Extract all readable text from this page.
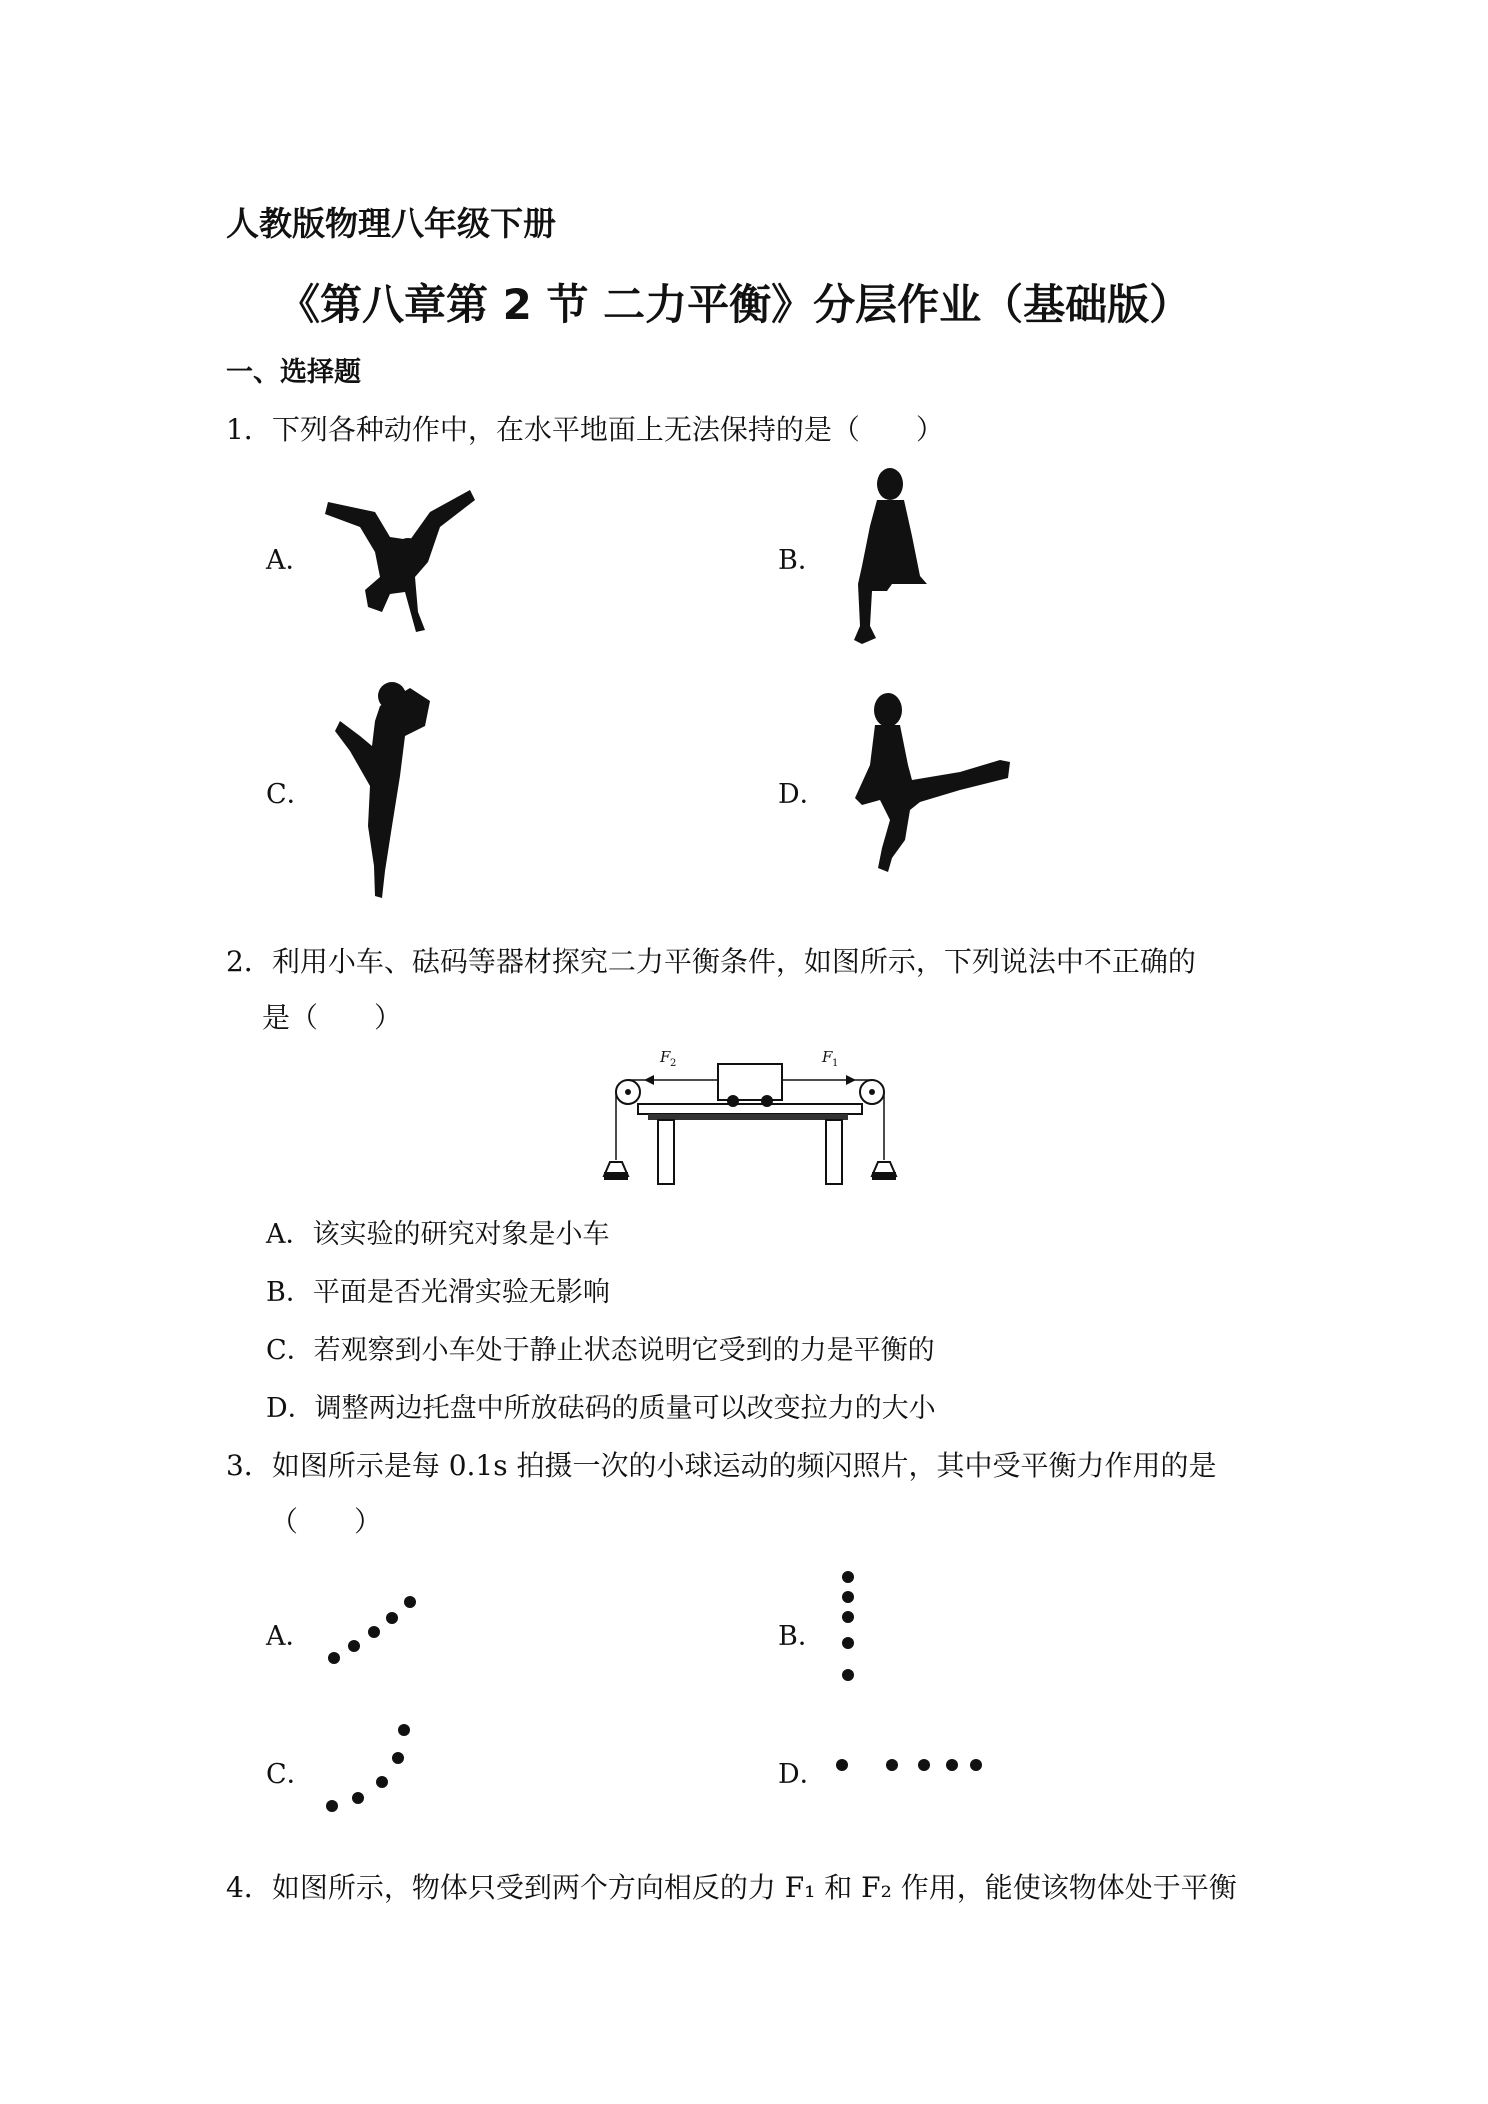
人教版物理八年级下册
《第八章第 2 节 二力平衡》分层作业（基础版）
一、选择题
1．下列各种动作中，在水平地面上无法保持的是（　　）
A．	B．
C．	D．
2．利用小车、砝码等器材探究二力平衡条件，如图所示，下列说法中不正确的
是（　　）
F 2	F 1
A．该实验的研究对象是小车
B．平面是否光滑实验无影响
C．若观察到小车处于静止状态说明它受到的力是平衡的
D．调整两边托盘中所放砝码的质量可以改变拉力的大小
3．如图所示是每 0.1s 拍摄一次的小球运动的频闪照片，其中受平衡力作用的是
（　　）
A．	B．
C．	D．
4．如图所示，物体只受到两个方向相反的力 F₁ 和 F₂ 作用，能使该物体处于平衡
